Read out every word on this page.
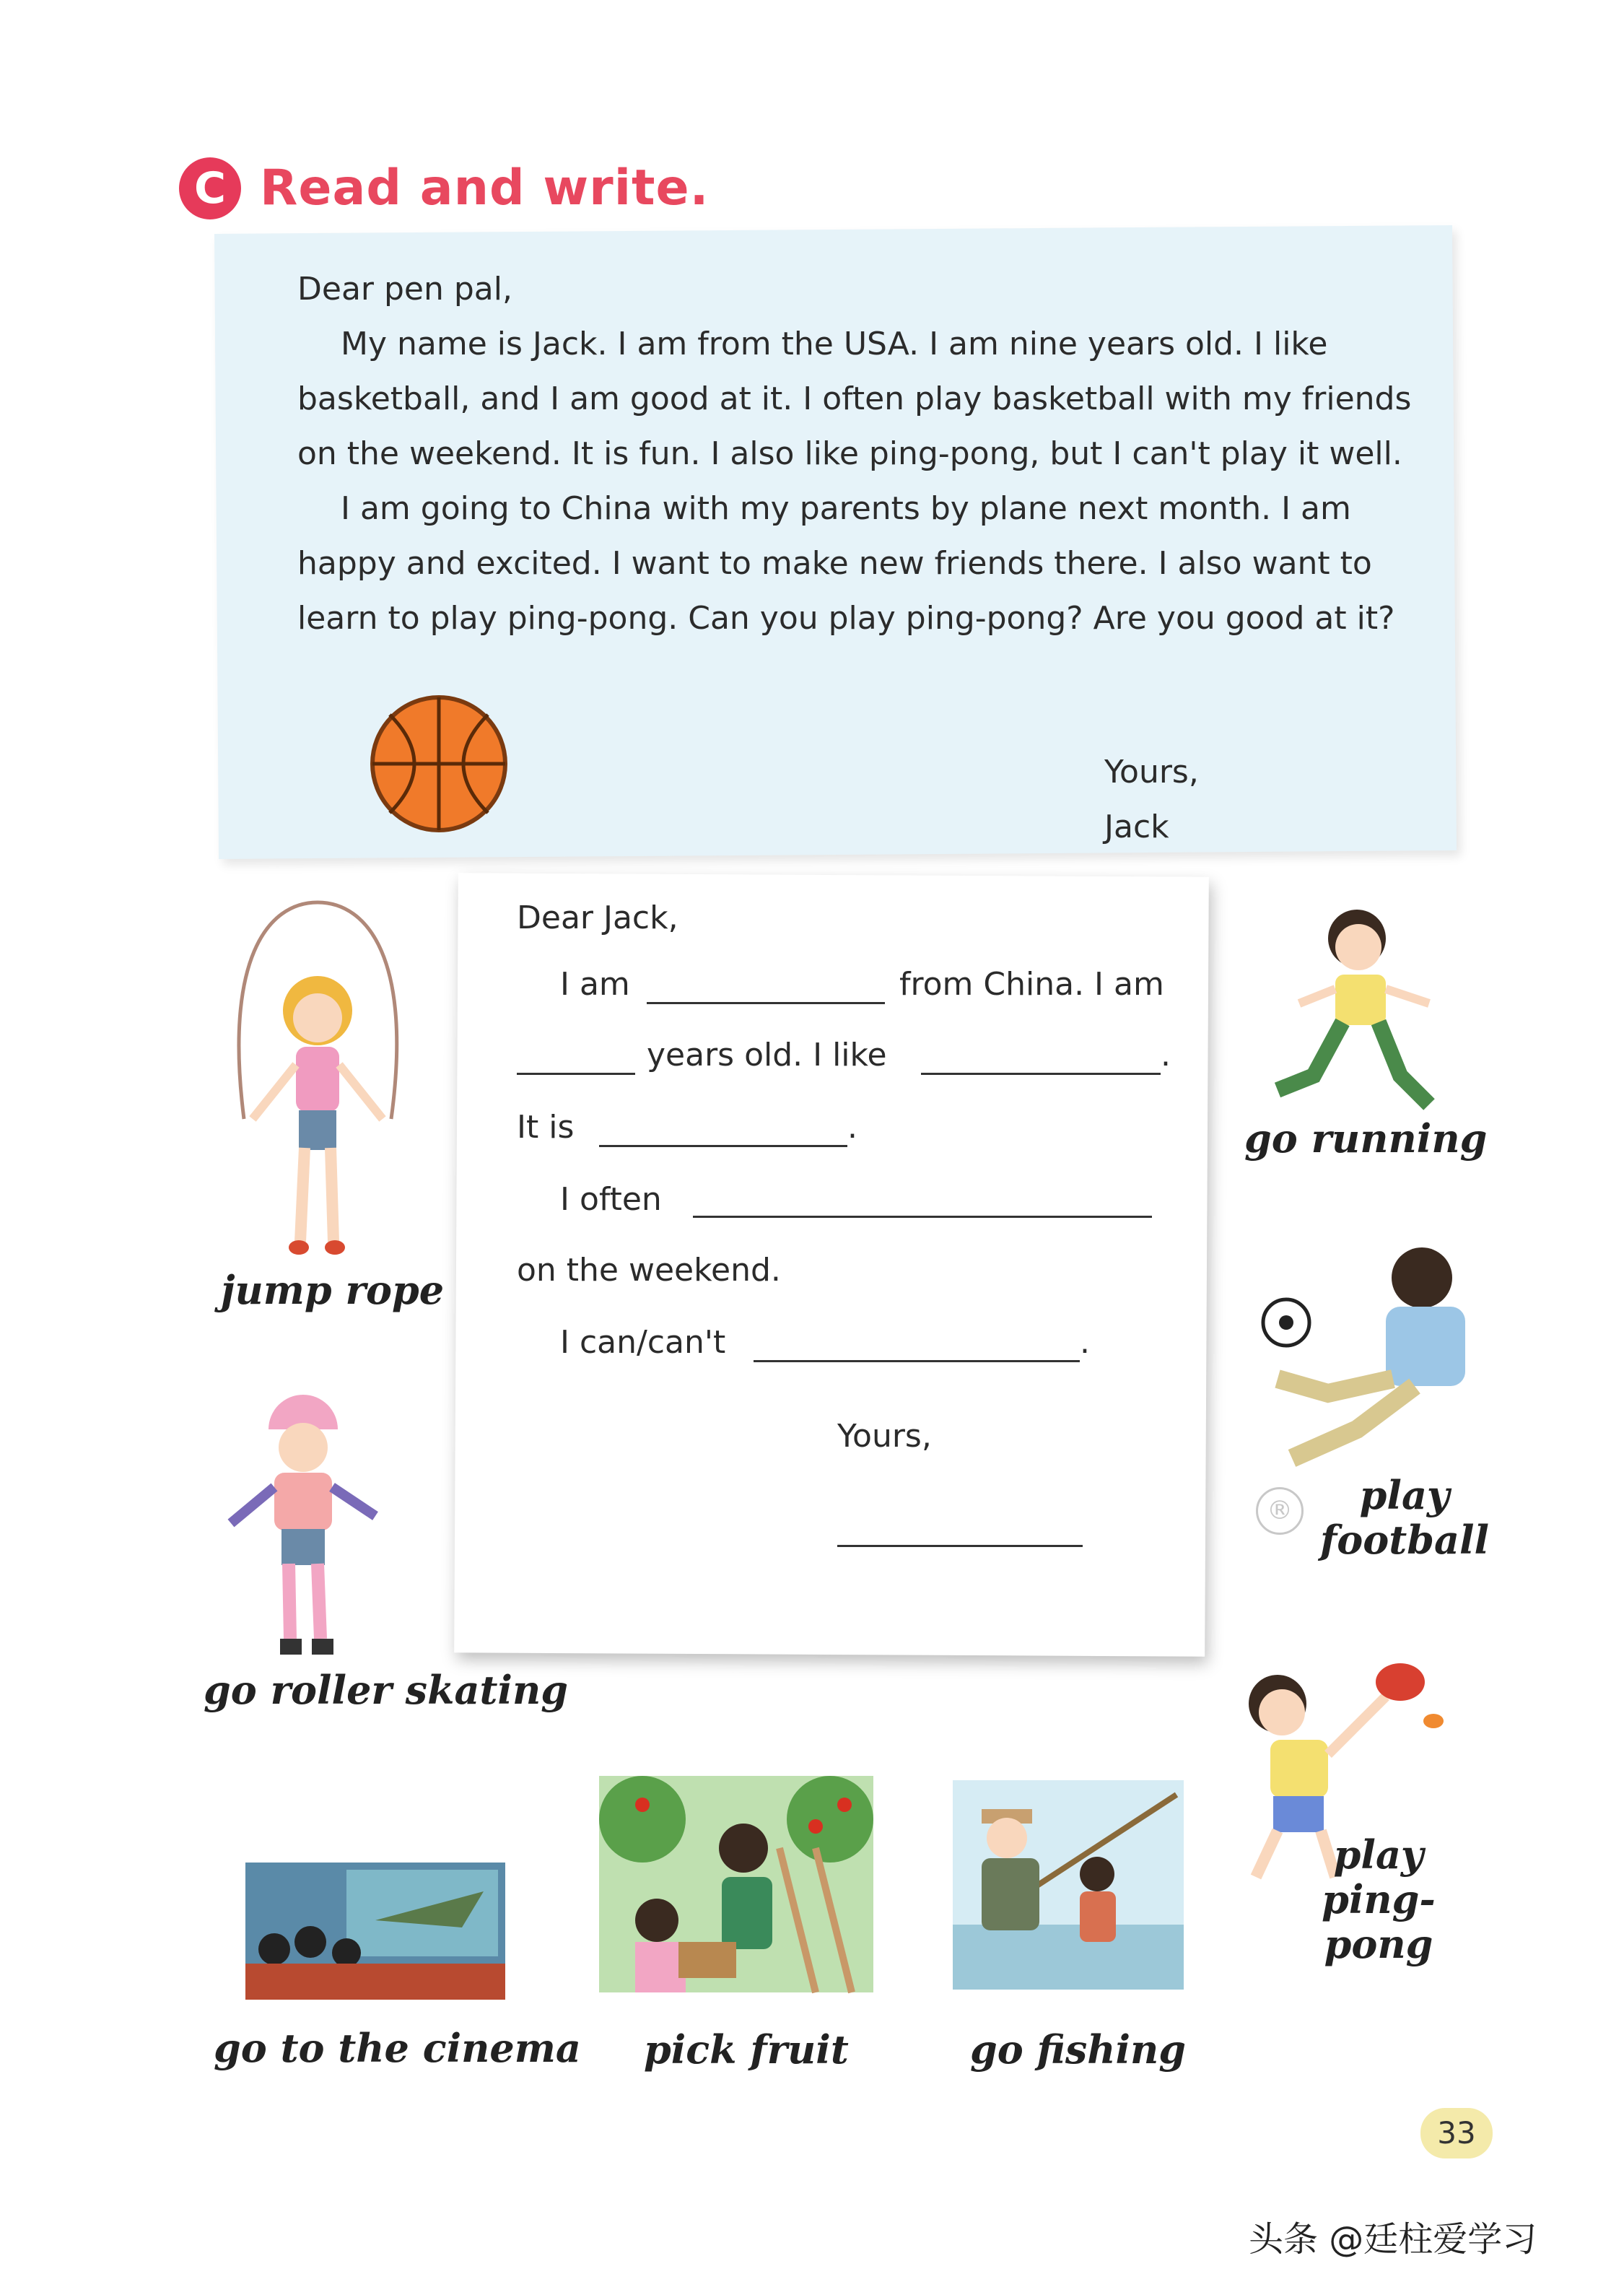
C Read and write.

Dear pen pal,

My name is Jack. I am from the USA. I am nine years old. I like basketball, and I am good at it. I often play basketball with my friends on the weekend. It is fun. I also like ping-pong, but I can't play it well.

I am going to China with my parents by plane next month. I am happy and excited. I want to make new friends there. I also want to learn to play ping-pong. Can you play ping-pong? Are you good at it?

Yours,
Jack
Dear Jack,
I am	from China. I am
years old. I like	.
It is	.
I often
on the weekend.
I can/can't	.
Yours,
®
jump rope
go roller skating
go running
play football
play ping-pong
go to the cinema pick fruit	go fishing
33
头条 @廷柱爱学习
